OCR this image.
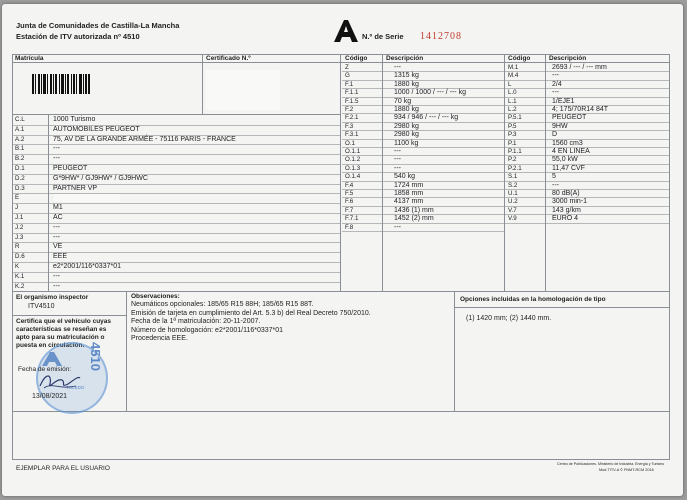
Junta de Comunidades de Castilla-La Mancha
Estación de ITV autorizada nº 4510	N.º de Serie 1412708
Matrícula	Certificado N.º
C.L	1000 Turismo
A.1	AUTOMOBILES PEUGEOT
A.2	75, AV DE LA GRANDE ARMÉE - 75116 PARIS - FRANCE
B.1	---
B.2	---
D.1	PEUGEOT
D.2	G*9HW* / GJ9HW* / GJ9HWC
D.3	PARTNER VP
E
J	M1
J.1	AC
J.2	---
J.3	---
R	VE
D.6	EEE
K	e2*2001/116*0337*01
K.1	---
K.2	---
Código	Descripción
Z	---
G	1315 kg
F.1	1880 kg
F.1.1	1000 / 1000 / --- / --- kg
F.1.5	70 kg
F.2	1880 kg
F.2.1	934 / 946 / --- / --- kg
F.3	2980 kg
F.3.1	2980 kg
O.1	1100 kg
O.1.1	---
O.1.2	---
O.1.3	---
O.1.4	540 kg
F.4	1724 mm
F.5	1858 mm
F.6	4137 mm
F.7	1436 (1) mm
F.7.1	1452 (2) mm
F.8	---
Código	Descripción
M.1	2693 / --- / --- mm
M.4	---
L	2/4
L.0	---
L.1	1/EJE1
L.2	4; 175/70R14 84T
P.5.1	PEUGEOT
P.5	9HW
P.3	D
P.1	1560 cm3
P.1.1	4 EN LINEA
P.2	55,0 kW
P.2.1	11,47 CVF
S.1	5
S.2	---
U.1	80 dB(A)
U.2	3000 min-1
V.7	143 g/km
V.9	EURO 4
El organismo inspector
ITV4510
Certifica que el vehículo cuyas
características se reseñan es
apto para su matriculación o
puesta en circulación. 4510
TOLEDO
Fecha de emisión:
13/08/2021
Observaciones:
Neumáticos opcionales: 185/65 R15 88H; 185/65 R15 88T.
Emisión de tarjeta en cumplimiento del Art. 5.3 b) del Real Decreto 750/2010.
Fecha de la 1ª matriculación: 20-11-2007.
Número de homologación: e2*2001/116*0337*01
Procedencia EEE.
Opciones incluidas en la homologación de tipo
(1) 1420 mm; (2) 1440 mm.
EJEMPLAR PARA EL USUARIO
Centro de Publicaciones. Ministerio de Industria, Energía y Turismo
Mod.TITV-A © FNMT-RCM 2016
